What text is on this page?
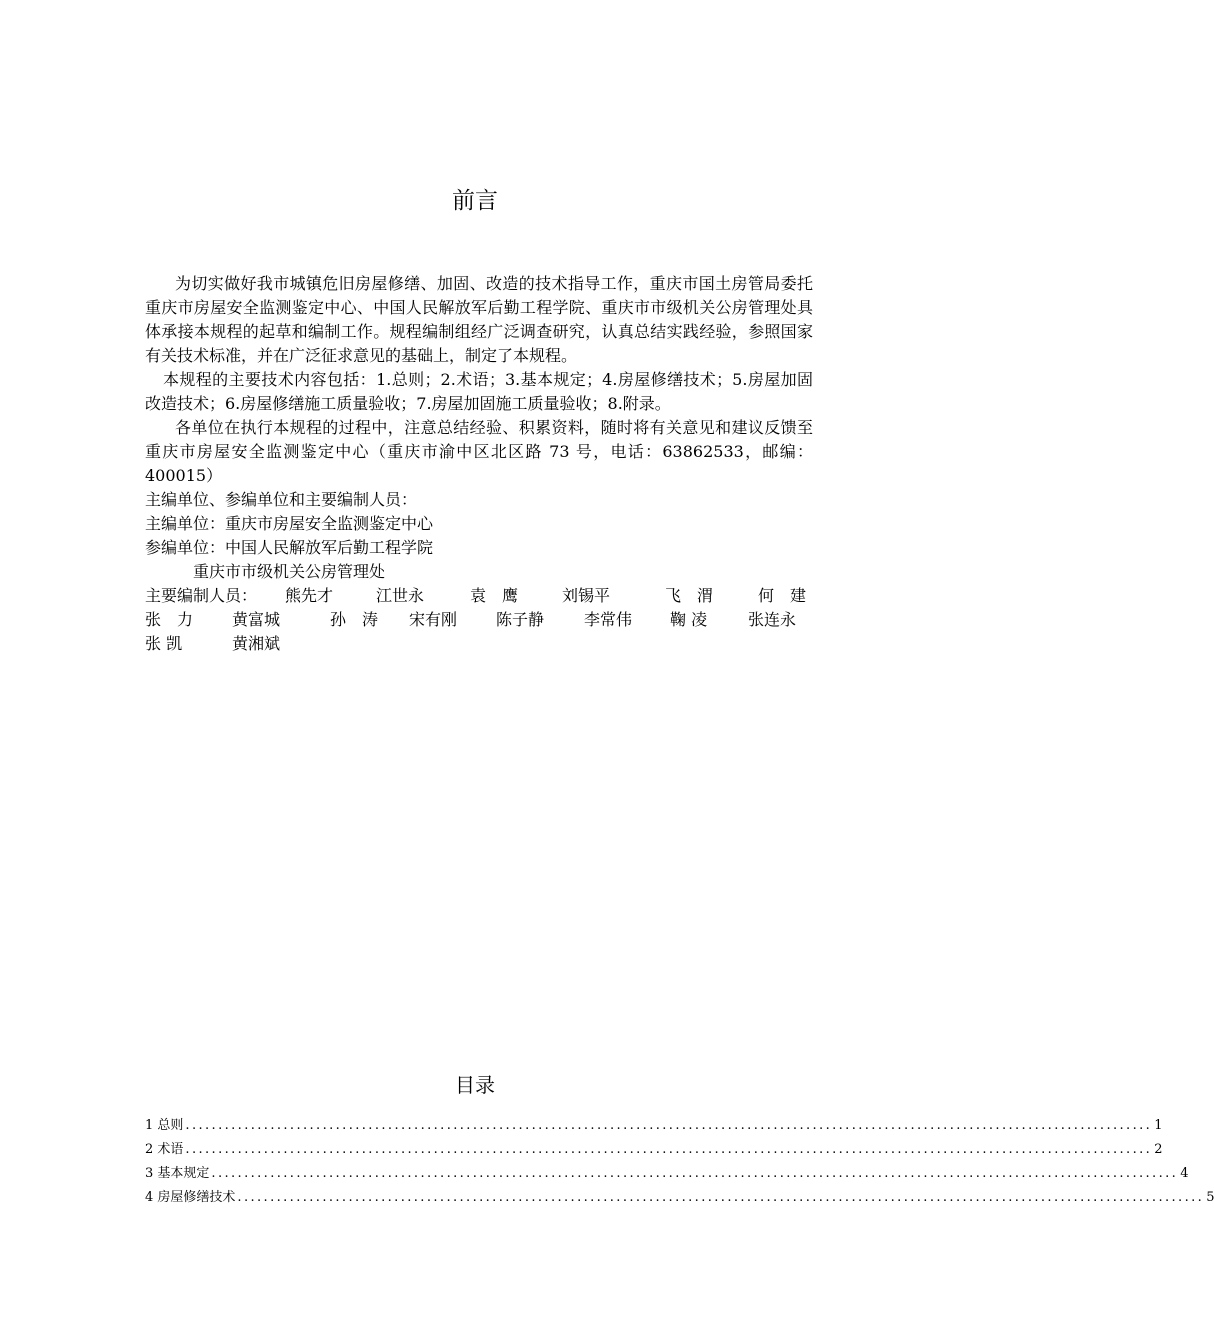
前言

为切实做好我市城镇危旧房屋修缮、加固、改造的技术指导工作，重庆市国土房管局委托重庆市房屋安全监测鉴定中心、中国人民解放军后勤工程学院、重庆市市级机关公房管理处具体承接本规程的起草和编制工作。规程编制组经广泛调查研究，认真总结实践经验，参照国家有关技术标准，并在广泛征求意见的基础上，制定了本规程。

本规程的主要技术内容包括：1.总则；2.术语；3.基本规定；4.房屋修缮技术；5.房屋加固改造技术；6.房屋修缮施工质量验收；7.房屋加固施工质量验收；8.附录。

各单位在执行本规程的过程中，注意总结经验、积累资料，随时将有关意见和建议反馈至重庆市房屋安全监测鉴定中心（重庆市渝中区北区路 73 号，电话：63862533，邮编：400015）

主编单位、参编单位和主要编制人员：

主编单位：重庆市房屋安全监测鉴定中心

参编单位：中国人民解放军后勤工程学院

重庆市市级机关公房管理处

主要编制人员：	熊先才	江世永	袁　鹰	刘锡平	飞　渭	何　建
张　力	黄富城	孙　涛	宋有刚	陈子静	李常伟	鞠 凌	张连永
张 凯	黄湘斌
目录
1 总则 .................................................................................................................................................... 1
2 术语 .................................................................................................................................................... 2
3 基本规定 .................................................................................................................................................... 4
4 房屋修缮技术 .................................................................................................................................................... 5
